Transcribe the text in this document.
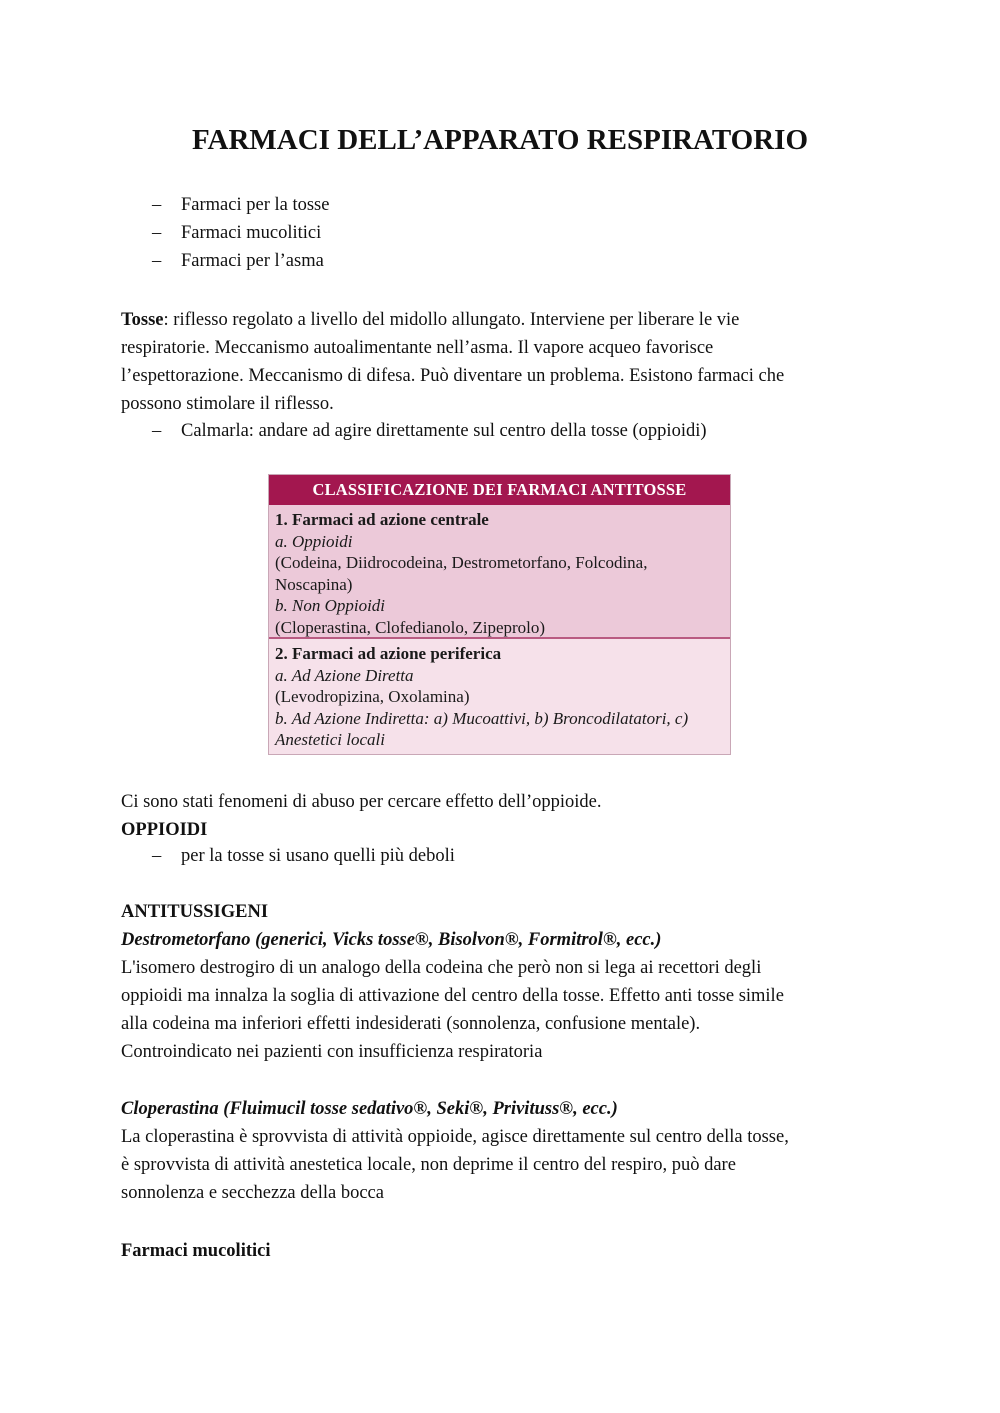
FARMACI DELL’APPARATO RESPIRATORIO
– Farmaci per la tosse
– Farmaci mucolitici
– Farmaci per l’asma
Tosse: riflesso regolato a livello del midollo allungato. Interviene per liberare le vie
respiratorie. Meccanismo autoalimentante nell’asma. Il vapore acqueo favorisce
l’espettorazione. Meccanismo di difesa. Può diventare un problema. Esistono farmaci che
possono stimolare il riflesso.
– Calmarla: andare ad agire direttamente sul centro della tosse (oppioidi)
CLASSIFICAZIONE DEI FARMACI ANTITOSSE
1. Farmaci ad azione centrale
a. Oppioidi
(Codeina, Diidrocodeina, Destrometorfano, Folcodina,
Noscapina)
b. Non Oppioidi
(Cloperastina, Clofedianolo, Zipeprolo)
2. Farmaci ad azione periferica
a. Ad Azione Diretta
(Levodropizina, Oxolamina)
b. Ad Azione Indiretta: a) Mucoattivi, b) Broncodilatatori, c)
Anestetici locali
Ci sono stati fenomeni di abuso per cercare effetto dell’oppioide.
OPPIOIDI
– per la tosse si usano quelli più deboli
ANTITUSSIGENI
Destrometorfano (generici, Vicks tosse®, Bisolvon®, Formitrol®, ecc.)
L'isomero destrogiro di un analogo della codeina che però non si lega ai recettori degli
oppioidi ma innalza la soglia di attivazione del centro della tosse. Effetto anti tosse simile
alla codeina ma inferiori effetti indesiderati (sonnolenza, confusione mentale).
Controindicato nei pazienti con insufficienza respiratoria
Cloperastina (Fluimucil tosse sedativo®, Seki®, Privituss®, ecc.)
La cloperastina è sprovvista di attività oppioide, agisce direttamente sul centro della tosse,
è sprovvista di attività anestetica locale, non deprime il centro del respiro, può dare
sonnolenza e secchezza della bocca
Farmaci mucolitici
